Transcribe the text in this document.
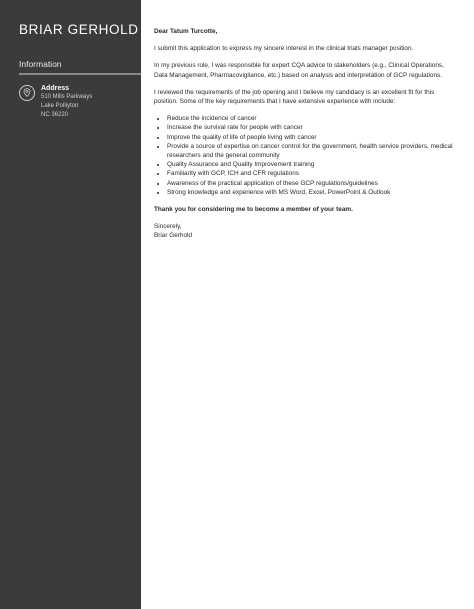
BRIAR GERHOLD
Information
Address
510 Mills Parkways
Lake Polliyton
NC 36220

Dear Tatum Turcotte,

I submit this application to express my sincere interest in the clinical trials manager position.

In my previous role, I was responsible for expert CQA advice to stakeholders (e.g., Clinical Operations, Data Management, Pharmacovigilance, etc.) based on analysis and interpretation of GCP regulations.

I reviewed the requirements of the job opening and I believe my candidacy is an excellent fit for this position. Some of the key requirements that I have extensive experience with include:

• Reduce the incidence of cancer
• Increase the survival rate for people with cancer
• Improve the quality of life of people living with cancer
• Provide a source of expertise on cancer control for the government, health service providers, medical researchers and the general community
• Quality Assurance and Quality Improvement training
• Familiarity with GCP, ICH and CFR regulations
• Awareness of the practical application of these GCP regulations/guidelines
• Strong knowledge and experience with MS Word, Excel, PowerPoint & Outlook

Thank you for considering me to become a member of your team.

Sincerely,

Briar Gerhold
